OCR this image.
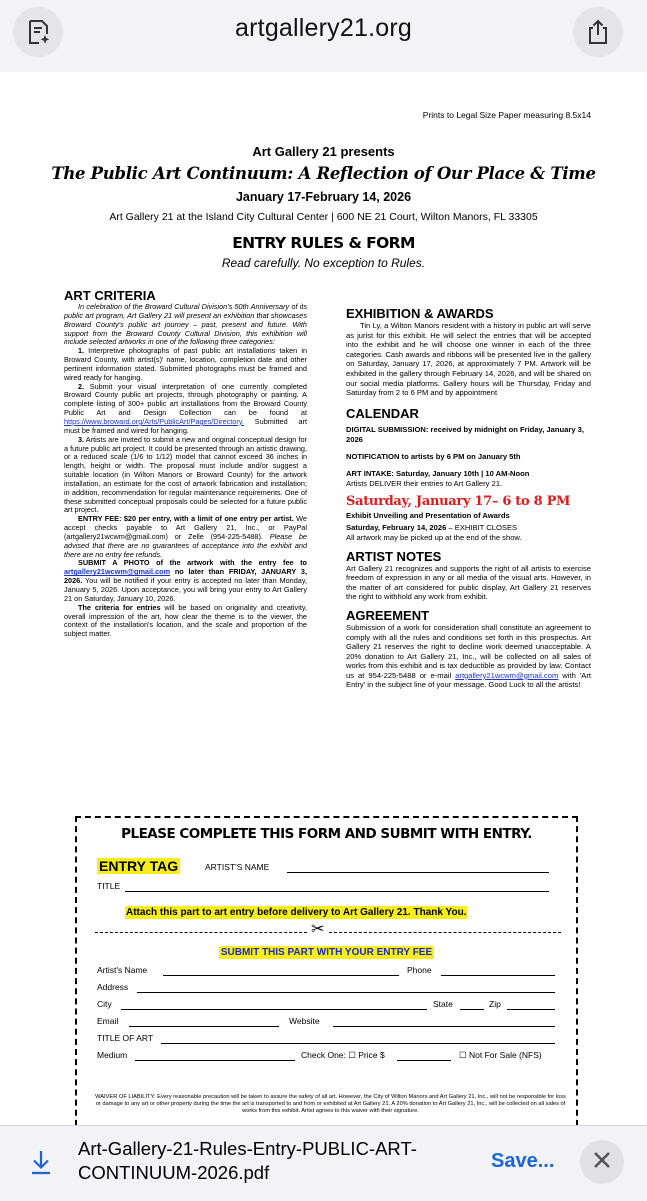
artgallery21.org
Prints to Legal Size Paper measuring 8.5x14
Art Gallery 21 presents
The Public Art Continuum: A Reflection of Our Place & Time
January 17-February 14, 2026
Art Gallery 21 at the Island City Cultural Center | 600 NE 21 Court, Wilton Manors, FL 33305
ENTRY RULES & FORM
Read carefully. No exception to Rules.
ART CRITERIA

In celebration of the Broward Cultural Division's 50th Anniversary of its public art program, Art Gallery 21 will present an exhibition that showcases Broward County's public art journey – past, present and future. With support from the Broward County Cultural Division, this exhibition will include selected artworks in one of the following three categories:

1. Interpretive photographs of past public art installations taken in Broward County, with artist(s)' name, location, completion date and other pertinent information stated. Submitted photographs must be framed and wired ready for hanging.

2. Submit your visual interpretation of one currently completed Broward County public art projects, through photography or painting. A complete listing of 300+ public art installations from the Broward County Public Art and Design Collection can be found at https://www.broward.org/Arts/PublicArt/Pages/Directory. Submitted art must be framed and wired for hanging.

3. Artists are invited to submit a new and original conceptual design for a future public art project. It could be presented through an artistic drawing, or a reduced scale (1/6 to 1/12) model that cannot exceed 36 inches in length, height or width. The proposal must include and/or suggest a suitable location (in Wilton Manors or Broward County) for the artwork installation, an estimate for the cost of artwork fabrication and installation; in addition, recommendation for regular maintenance requirements. One of these submitted conceptual proposals could be selected for a future public art project.

ENTRY FEE: $20 per entry, with a limit of one entry per artist. We accept checks payable to Art Gallery 21, Inc., or PayPal (artgallery21wcwm@gmail.com) or Zelle (954-225-5488). Please be advised that there are no guarantees of acceptance into the exhibit and there are no entry fee refunds.

SUBMIT A PHOTO of the artwork with the entry fee to artgallery21wcwm@gmail.com no later than FRIDAY, JANUARY 3, 2026. You will be notified if your entry is accepted no later than Monday, January 5, 2026. Upon acceptance, you will bring your entry to Art Gallery 21 on Saturday, January 10, 2026.

The criteria for entries will be based on originality and creativity, overall impression of the art, how clear the theme is to the viewer, the context of the installation's location, and the scale and proportion of the subject matter.

EXHIBITION & AWARDS

Tin Ly, a Wilton Manors resident with a history in public art will serve as jurist for this exhibit. He will select the entries that will be accepted into the exhibit and he will choose one winner in each of the three categories. Cash awards and ribbons will be presented live in the gallery on Saturday, January 17, 2026, at approximately 7 PM. Artwork will be exhibited in the gallery through February 14, 2026, and will be shared on our social media platforms. Gallery hours will be Thursday, Friday and Saturday from 2 to 6 PM and by appointment

CALENDAR

DIGITAL SUBMISSION: received by midnight on Friday, January 3, 2026

NOTIFICATION to artists by 6 PM on January 5th

ART INTAKE: Saturday, January 10th | 10 AM-Noon

Artists DELIVER their entries to Art Gallery 21.

Saturday, January 17– 6 to 8 PM

Exhibit Unveiling and Presentation of Awards

Saturday, February 14, 2026 – EXHIBIT CLOSES

All artwork may be picked up at the end of the show.

ARTIST NOTES

Art Gallery 21 recognizes and supports the right of all artists to exercise freedom of expression in any or all media of the visual arts. However, in the matter of art considered for public display, Art Gallery 21 reserves the right to withhold any work from exhibit.

AGREEMENT

Submission of a work for consideration shall constitute an agreement to comply with all the rules and conditions set forth in this prospectus. Art Gallery 21 reserves the right to decline work deemed unacceptable. A 20% donation to Art Gallery 21, Inc., will be collected on all sales of works from this exhibit and is tax deductible as provided by law. Contact us at 954-225-5488 or e-mail artgallery21wcwm@gmail.com with 'Art Entry' in the subject line of your message. Good Luck to all the artists!

PLEASE COMPLETE THIS FORM AND SUBMIT WITH ENTRY.
ENTRY TAG	ARTIST'S NAME
TITLE
Attach this part to art entry before delivery to Art Gallery 21. Thank You.
✂
SUBMIT THIS PART WITH YOUR ENTRY FEE
Artist's Name	Phone
Address
City	State	Zip
Email	Website
TITLE OF ART
Medium	Check One: ☐ Price $	☐ Not For Sale (NFS)
WAIVER OF LIABILITY: Every reasonable precaution will be taken to assure the safety of all art. However, the City of Wilton Manors and Art Gallery 21, Inc., will not be responsible for loss or damage to any art or other property during the time the art is transported to and from or exhibited at Art Gallery 21. A 20% donation to Art Gallery 21, Inc., will be collected on all sales of works from this exhibit. Artist agrees to this waiver with their signature.
Art-Gallery-21-Rules-Entry-PUBLIC-ART-CONTINUUM-2026.pdf
Save...
